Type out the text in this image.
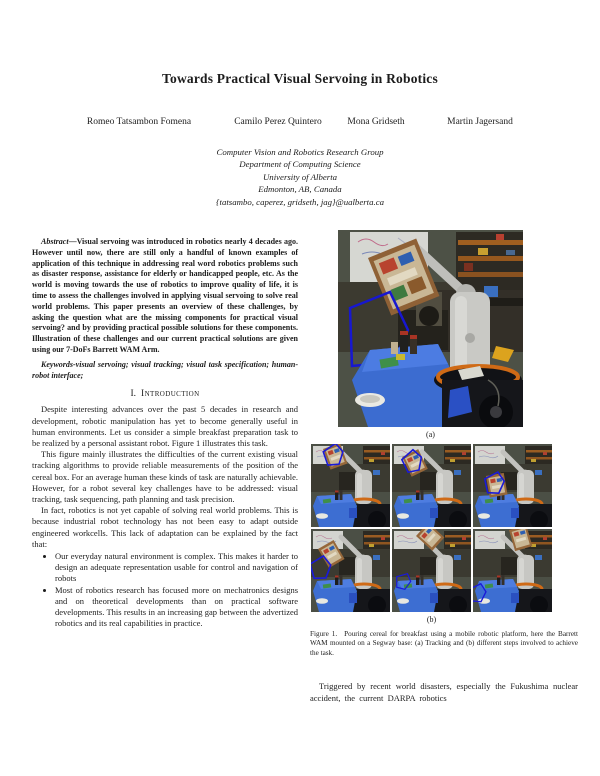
Towards Practical Visual Servoing in Robotics
Romeo Tatsambon Fomena	Camilo Perez Quintero	Mona Gridseth	Martin Jagersand
Computer Vision and Robotics Research Group
Department of Computing Science
University of Alberta
Edmonton, AB, Canada
{tatsambo, caperez, gridseth, jag}@ualberta.ca

Abstract—Visual servoing was introduced in robotics nearly 4 decades ago. However until now, there are still only a handful of known examples of application of this technique in addressing real word robotics problems such as disaster response, assistance for elderly or handicapped people, etc. As the world is moving towards the use of robotics to improve quality of life, it is time to assess the challenges involved in applying visual servoing to solve real world problems. This paper presents an overview of these challenges, by asking the question what are the missing components for practical visual servoing? and by providing practical possible solutions for these components. Illustration of these challenges and our current practical solutions are given using our 7-DoFs Barrett WAM Arm.

Keywords-visual servoing; visual tracking; visual task specification; human-robot interface;

I. Introduction

Despite interesting advances over the past 5 decades in research and development, robotic manipulation has yet to become generally useful in human environments. Let us consider a simple breakfast preparation task to be realized by a personal assistant robot. Figure 1 illustrates this task.

This figure mainly illustrates the difficulties of the current existing visual tracking algorithms to provide reliable measurements of the position of the cereal box. For an average human these kinds of task are naturally achievable. However, for a robot several key challenges have to be addressed: visual tracking, task sequencing, path planning and task precision.

In fact, robotics is not yet capable of solving real world problems. This is because industrial robot technology has not been easy to adapt outside engineered workcells. This lack of adaptation can be explained by the fact that:

• Our everyday natural environment is complex. This makes it harder to design an adequate representation usable for control and navigation of robots
• Most of robotics research has focused more on mechatronics designs and on theoretical developments than on practical software developments. This results in an increasing gap between the advertized robotics and its real capabilities in practice.
(a)
(b)
Figure 1. Pouring cereal for breakfast using a mobile robotic platform, here the Barrett WAM mounted on a Segway base: (a) Tracking and (b) different steps involved to achieve the task.

Triggered by recent world disasters, especially the Fukushima nuclear accident, the current DARPA robotics
